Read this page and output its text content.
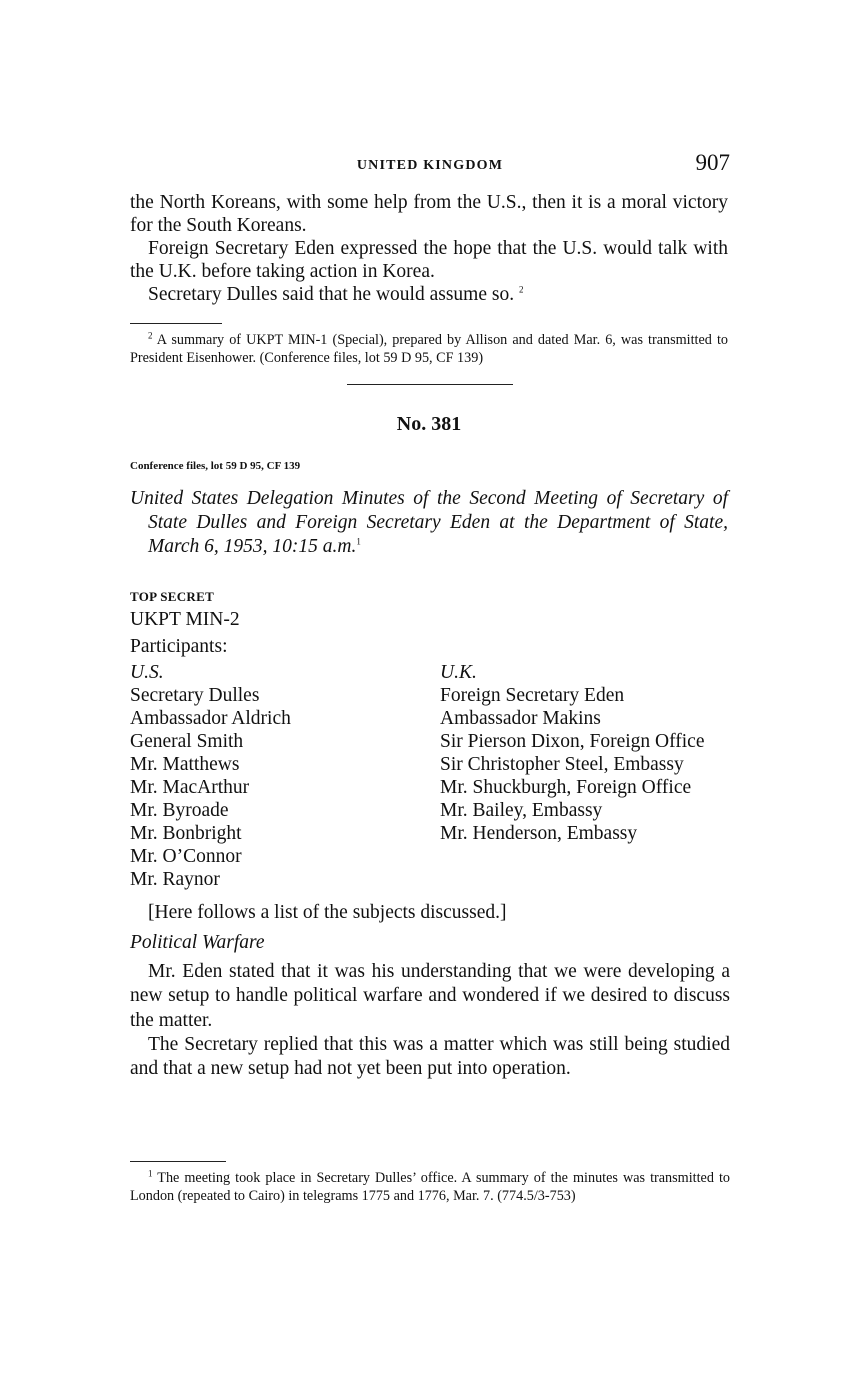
UNITED KINGDOM	907

the North Koreans, with some help from the U.S., then it is a moral victory for the South Koreans.

Foreign Secretary Eden expressed the hope that the U.S. would talk with the U.K. before taking action in Korea.

Secretary Dulles said that he would assume so. $^2$

$^2$ A summary of UKPT MIN-1 (Special), prepared by Allison and dated Mar. 6, was transmitted to President Eisenhower. (Conference files, lot 59 D 95, CF 139)

No. 381
Conference files, lot 59 D 95, CF 139

United States Delegation Minutes of the Second Meeting of Secretary of State Dulles and Foreign Secretary Eden at the Department of State, March 6, 1953, 10:15 a.m.$^1$

TOP SECRET
UKPT MIN-2
Participants:
U.S.
Secretary Dulles
Ambassador Aldrich
General Smith
Mr. Matthews
Mr. MacArthur
Mr. Byroade
Mr. Bonbright
Mr. O’Connor
Mr. Raynor
U.K.
Foreign Secretary Eden
Ambassador Makins
Sir Pierson Dixon, Foreign Office
Sir Christopher Steel, Embassy
Mr. Shuckburgh, Foreign Office
Mr. Bailey, Embassy
Mr. Henderson, Embassy
[Here follows a list of the subjects discussed.]
Political Warfare

Mr. Eden stated that it was his understanding that we were developing a new setup to handle political warfare and wondered if we desired to discuss the matter.

The Secretary replied that this was a matter which was still being studied and that a new setup had not yet been put into operation.

$^1$ The meeting took place in Secretary Dulles’ office. A summary of the minutes was transmitted to London (repeated to Cairo) in telegrams 1775 and 1776, Mar. 7. (774.5/3-753)
